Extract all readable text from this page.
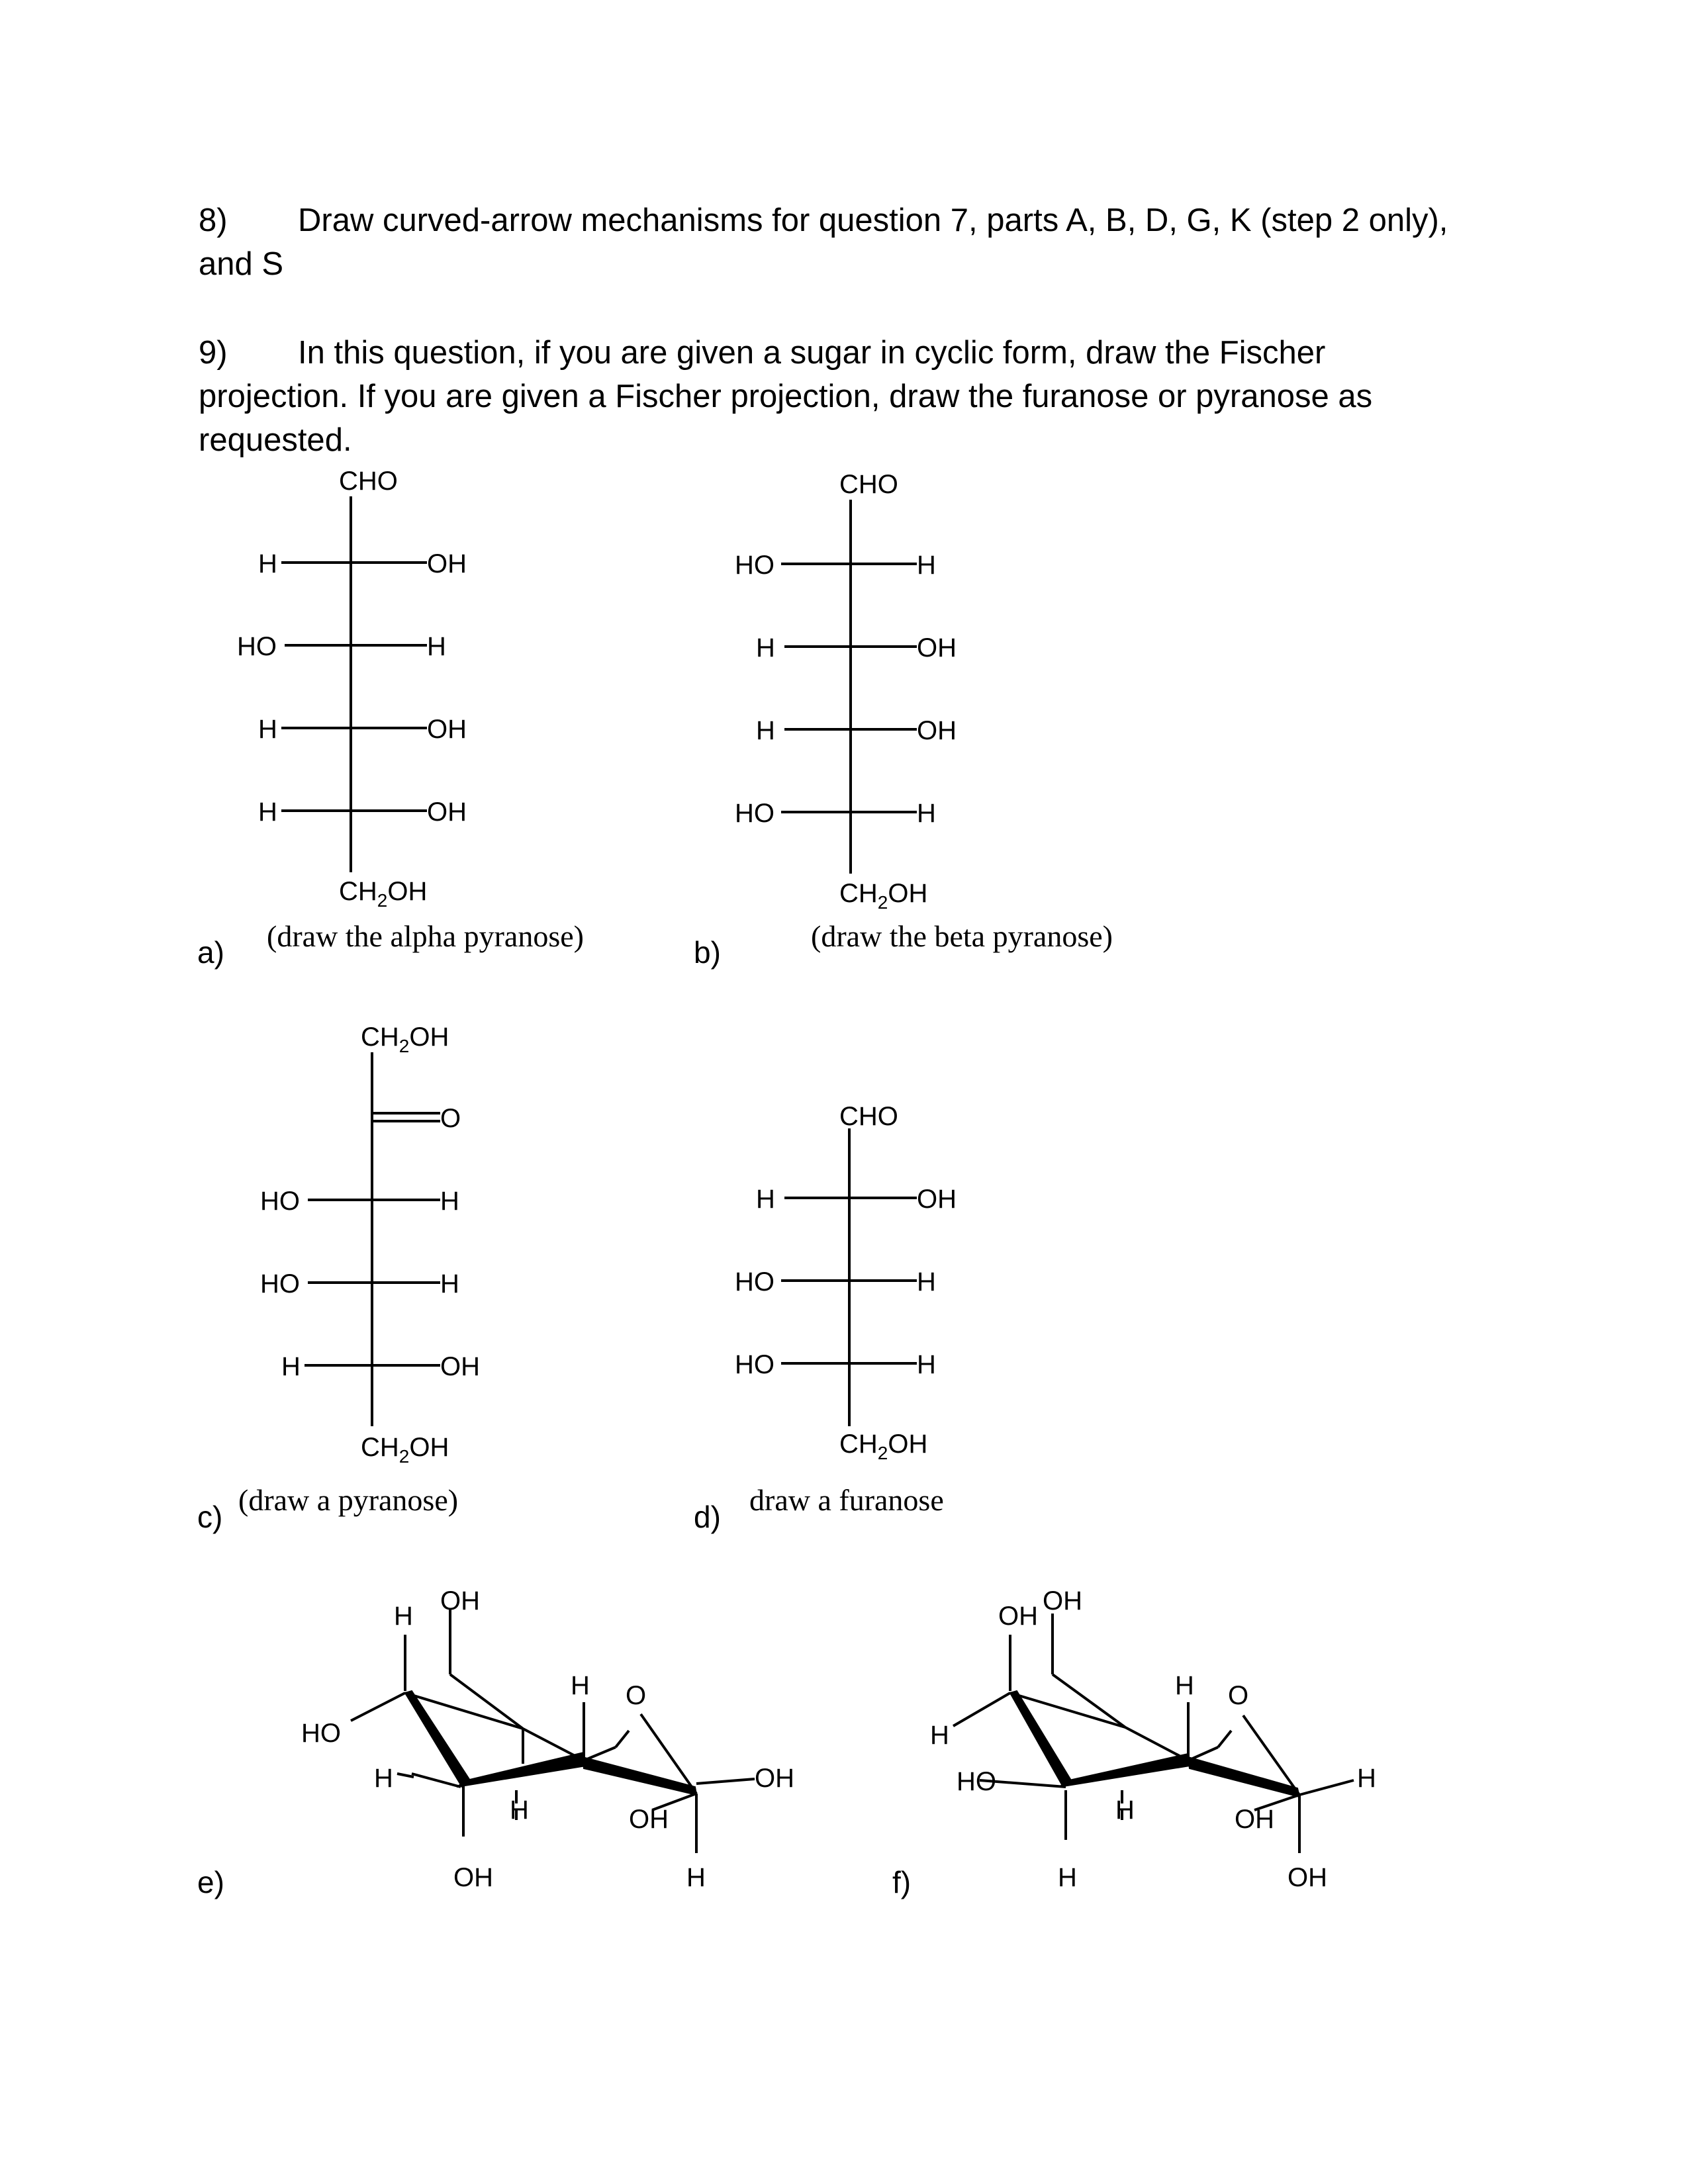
8) Draw curved-arrow mechanisms for question 7, parts A, B, D, G, K (step 2 only),

and S

9) In this question, if you are given a sugar in cyclic form, draw the Fischer

projection. If you are given a Fischer projection, draw the furanose or pyranose as

requested.

CHO
H	OH
HO	H
H	OH
H	OH
$CH_2OH$
(draw the alpha pyranose)
a)
CHO
HO	H
H	OH
H	OH
HO	H
$CH_2OH$
(draw the beta pyranose)
b)
$CH_2OH$
O
HO	H
HO	H
H	OH
$CH_2OH$
(draw a pyranose)
c)
CHO
H	OH
HO	H
HO	H
$CH_2OH$
draw a furanose
d)
H
OH
HO
H
H O
H
OH
OH
OH	H
e)
OH
OH
H
HO
H O
H
H	OH
H	OH
f)
